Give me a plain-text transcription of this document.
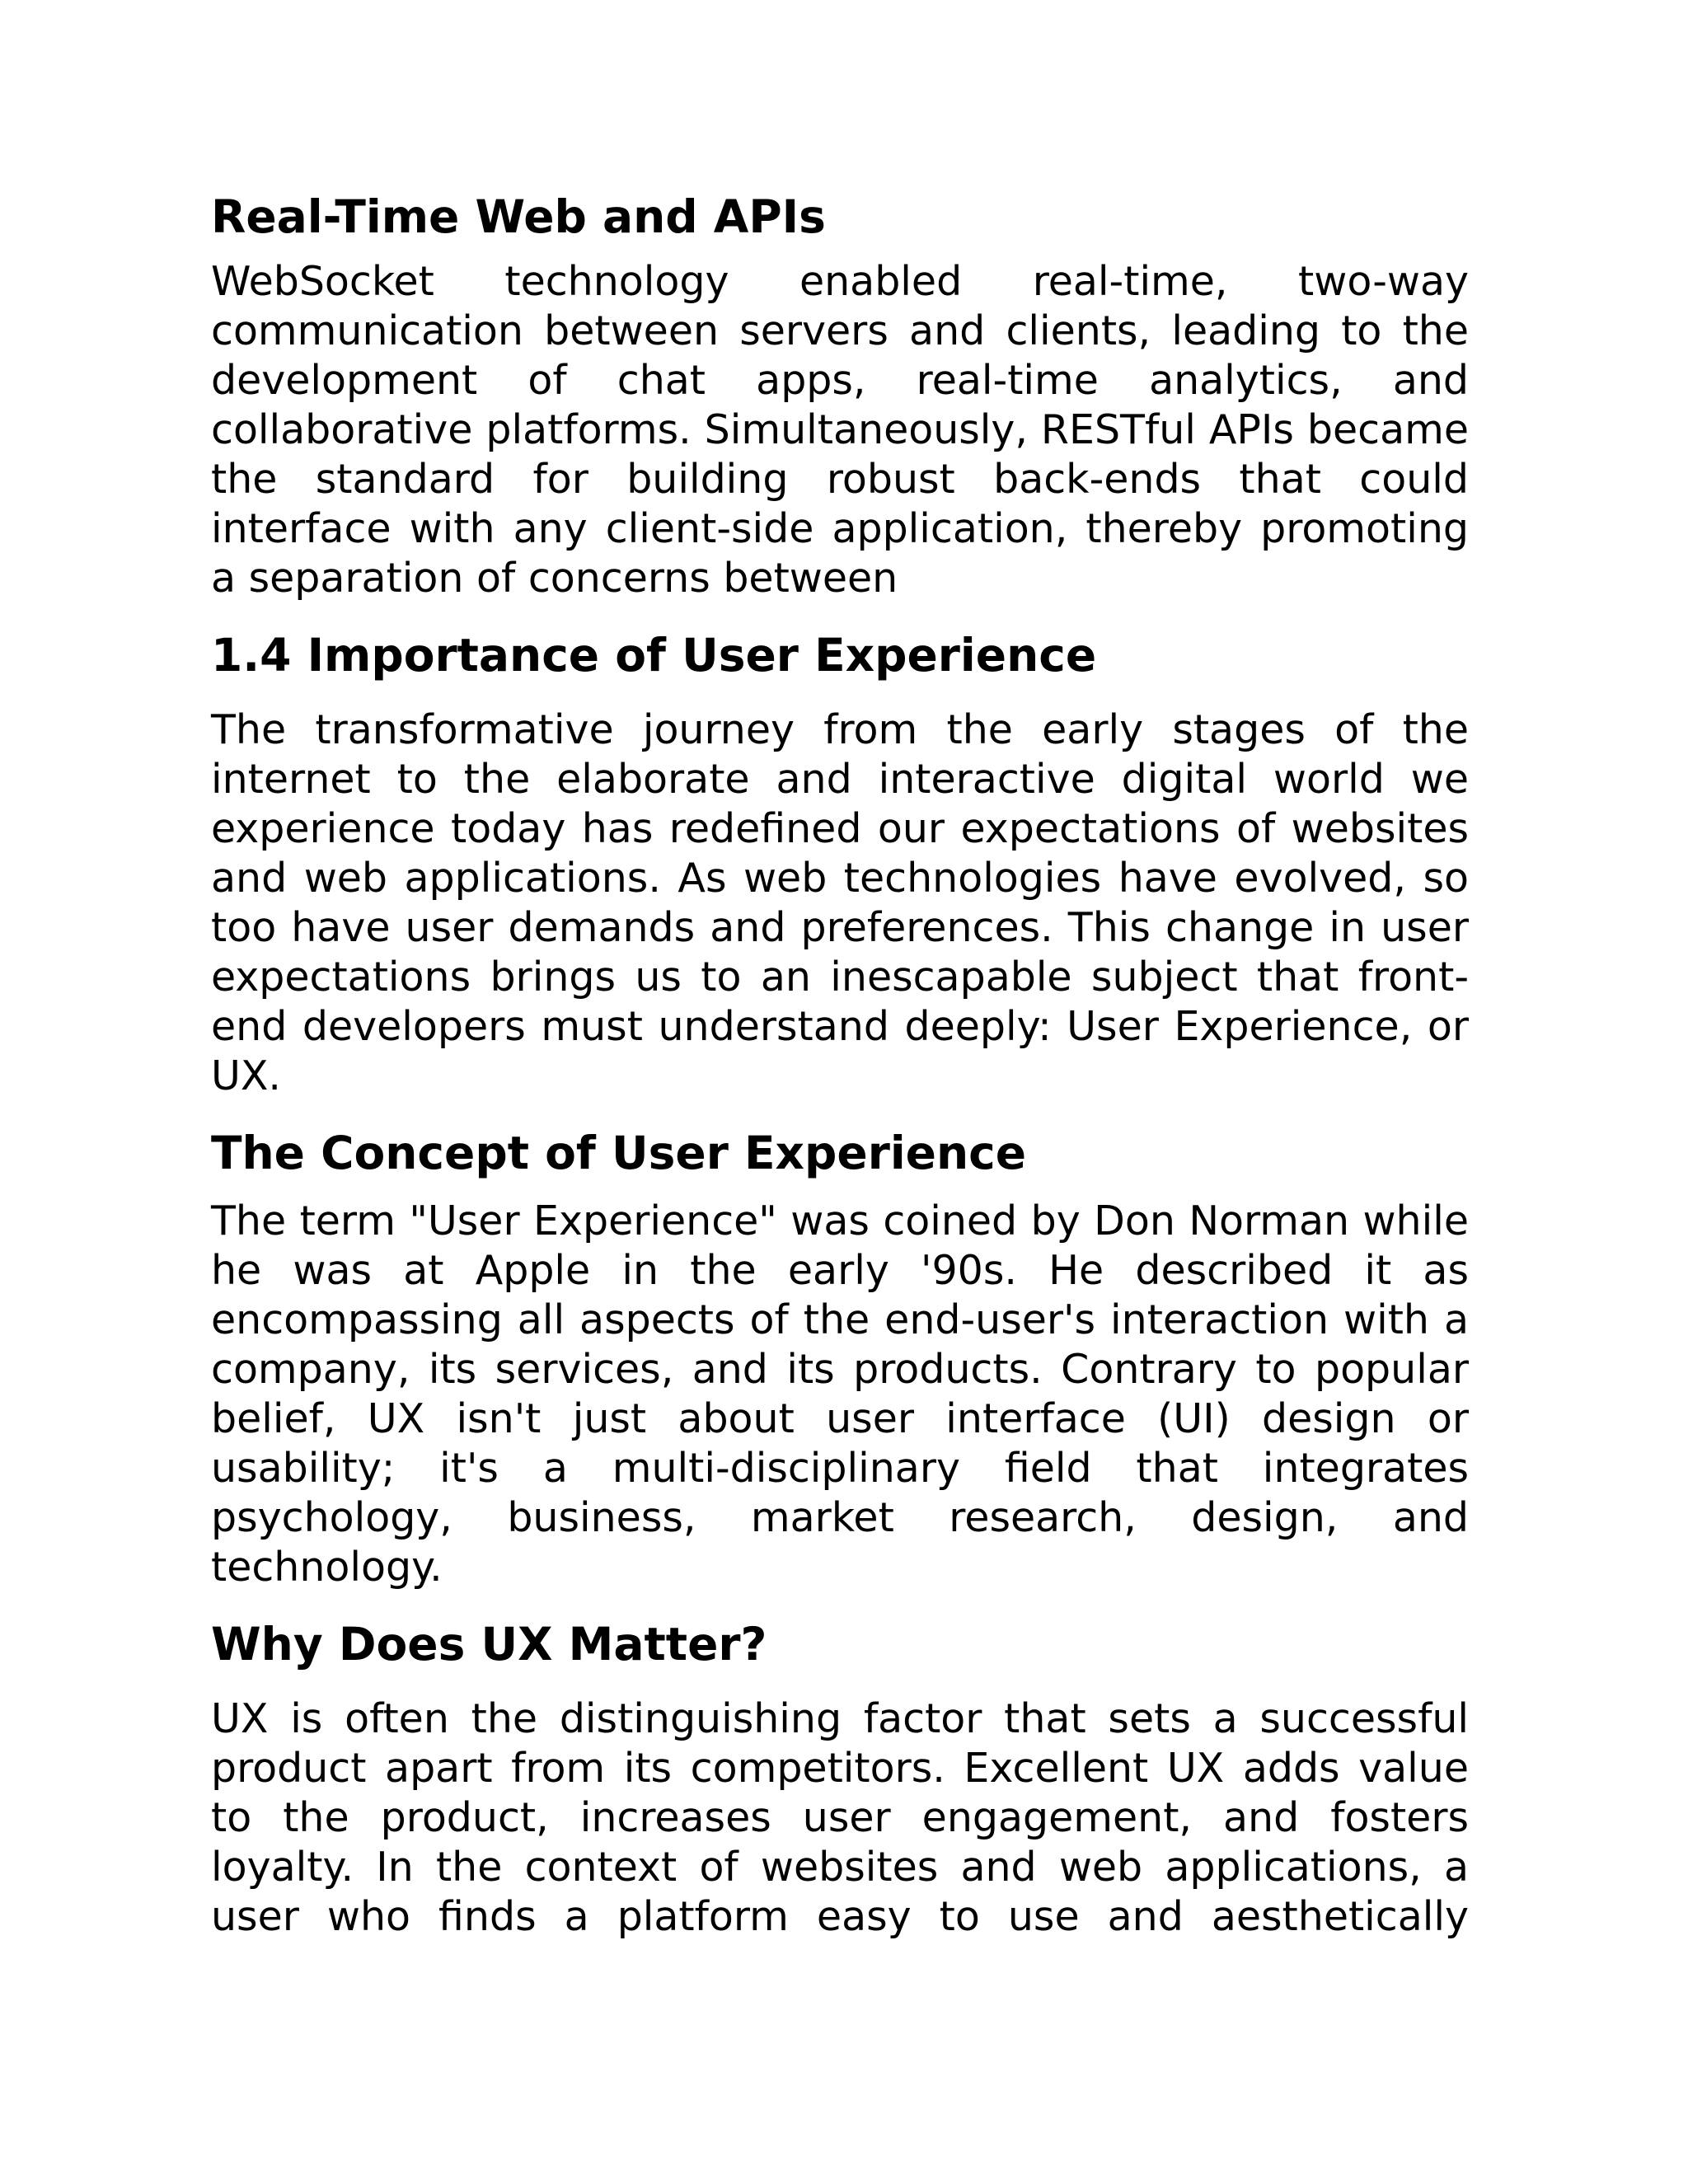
Real-Time Web and APIs

WebSocket technology enabled real-time, two-way communication between servers and clients, leading to the development of chat apps, real-time analytics, and collaborative platforms. Simultaneously, RESTful APIs became the standard for building robust back-ends that could interface with any client-side application, thereby promoting a separation of concerns between

1.4 Importance of User Experience

The transformative journey from the early stages of the internet to the elaborate and interactive digital world we experience today has redefined our expectations of websites and web applications. As web technologies have evolved, so too have user demands and preferences. This change in user expectations brings us to an inescapable subject that front-end developers must understand deeply: User Experience, or UX.

The Concept of User Experience

The term "User Experience" was coined by Don Norman while he was at Apple in the early '90s. He described it as encompassing all aspects of the end-user's interaction with a company, its services, and its products. Contrary to popular belief, UX isn't just about user interface (UI) design or usability; it's a multi-disciplinary field that integrates psychology, business, market research, design, and technology.

Why Does UX Matter?

UX is often the distinguishing factor that sets a successful product apart from its competitors. Excellent UX adds value to the product, increases user engagement, and fosters loyalty. In the context of websites and web applications, a user who finds a platform easy to use and aesthetically
